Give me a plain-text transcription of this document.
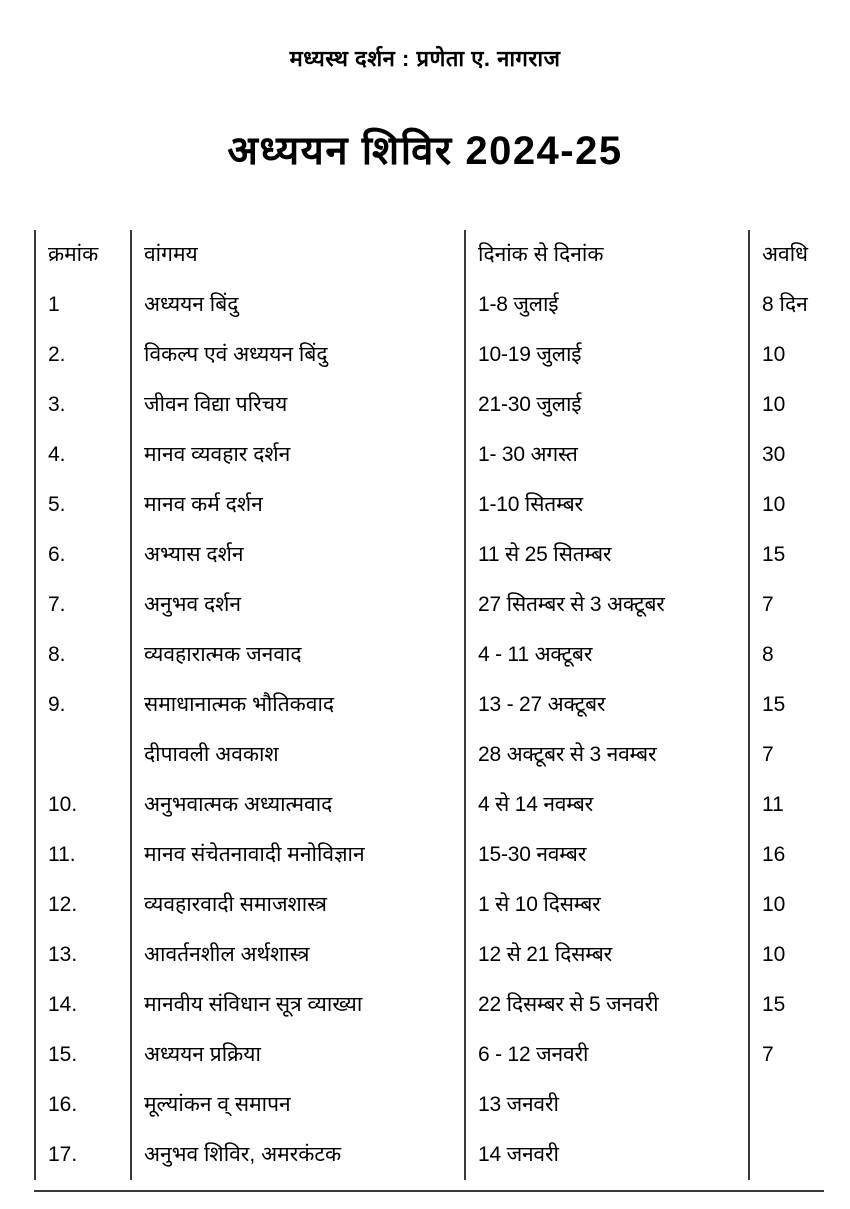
मध्यस्थ दर्शन : प्रणेता ए. नागराज
अध्ययन शिविर 2024-25
क्रमांक	वांगमय	दिनांक से दिनांक	अवधि
1	अध्ययन बिंदु	1-8 जुलाई	8 दिन
2.	विकल्प एवं अध्ययन बिंदु	10-19 जुलाई	10
3.	जीवन विद्या परिचय	21-30 जुलाई	10
4.	मानव व्यवहार दर्शन	1- 30 अगस्त	30
5.	मानव कर्म दर्शन	1-10 सितम्बर	10
6.	अभ्यास दर्शन	11 से 25 सितम्बर	15
7.	अनुभव दर्शन	27 सितम्बर से 3 अक्टूबर	7
8.	व्यवहारात्मक जनवाद	4 - 11 अक्टूबर	8
9.	समाधानात्मक भौतिकवाद	13 - 27 अक्टूबर	15
	दीपावली अवकाश	28 अक्टूबर से 3 नवम्बर	7
10.	अनुभवात्मक अध्यात्मवाद	4 से 14 नवम्बर	11
11.	मानव संचेतनावादी मनोविज्ञान	15-30 नवम्बर	16
12.	व्यवहारवादी समाजशास्त्र	1 से 10 दिसम्बर	10
13.	आवर्तनशील अर्थशास्त्र	12 से 21 दिसम्बर	10
14.	मानवीय संविधान सूत्र व्याख्या	22 दिसम्बर से 5 जनवरी	15
15.	अध्ययन प्रक्रिया	6 - 12 जनवरी	7
16.	मूल्यांकन व् समापन	13 जनवरी	
17.	अनुभव शिविर, अमरकंटक	14 जनवरी	
